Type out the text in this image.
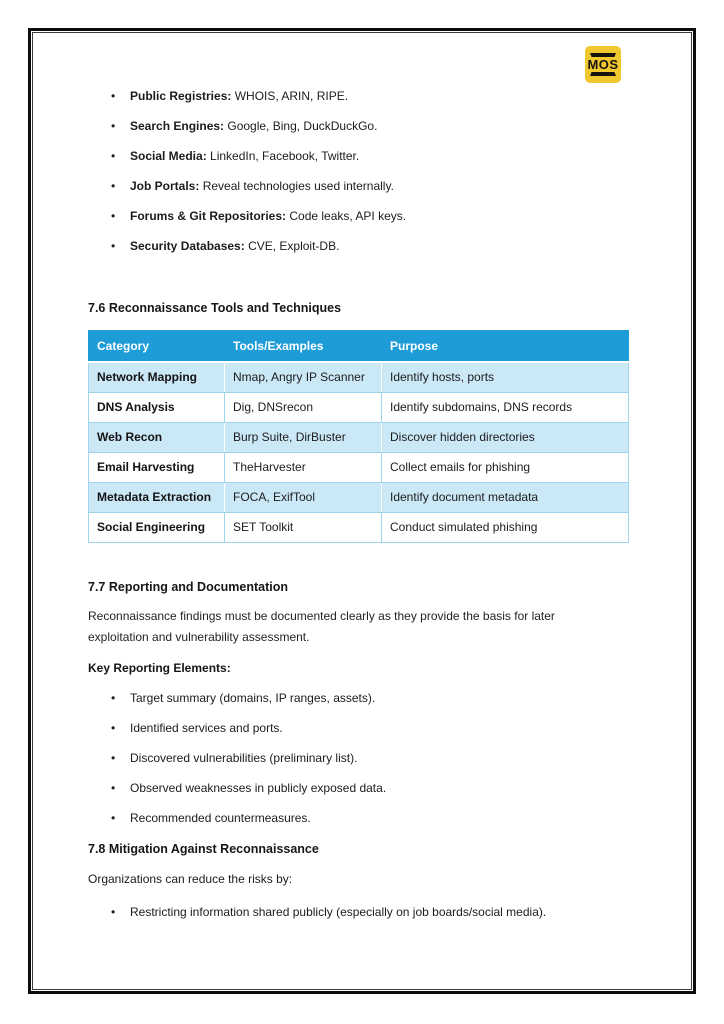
MOS
• Public Registries: WHOIS, ARIN, RIPE.
• Search Engines: Google, Bing, DuckDuckGo.
• Social Media: LinkedIn, Facebook, Twitter.
• Job Portals: Reveal technologies used internally.
• Forums & Git Repositories: Code leaks, API keys.
• Security Databases: CVE, Exploit-DB.
7.6 Reconnaissance Tools and Techniques
Category	Tools/Examples	Purpose
Network Mapping	Nmap, Angry IP Scanner	Identify hosts, ports
DNS Analysis	Dig, DNSrecon	Identify subdomains, DNS records
Web Recon	Burp Suite, DirBuster	Discover hidden directories
Email Harvesting	TheHarvester	Collect emails for phishing
Metadata Extraction	FOCA, ExifTool	Identify document metadata
Social Engineering	SET Toolkit	Conduct simulated phishing
7.7 Reporting and Documentation

Reconnaissance findings must be documented clearly as they provide the basis for later exploitation and vulnerability assessment.

Key Reporting Elements:
• Target summary (domains, IP ranges, assets).
• Identified services and ports.
• Discovered vulnerabilities (preliminary list).
• Observed weaknesses in publicly exposed data.
• Recommended countermeasures.
7.8 Mitigation Against Reconnaissance

Organizations can reduce the risks by:

• Restricting information shared publicly (especially on job boards/social media).
